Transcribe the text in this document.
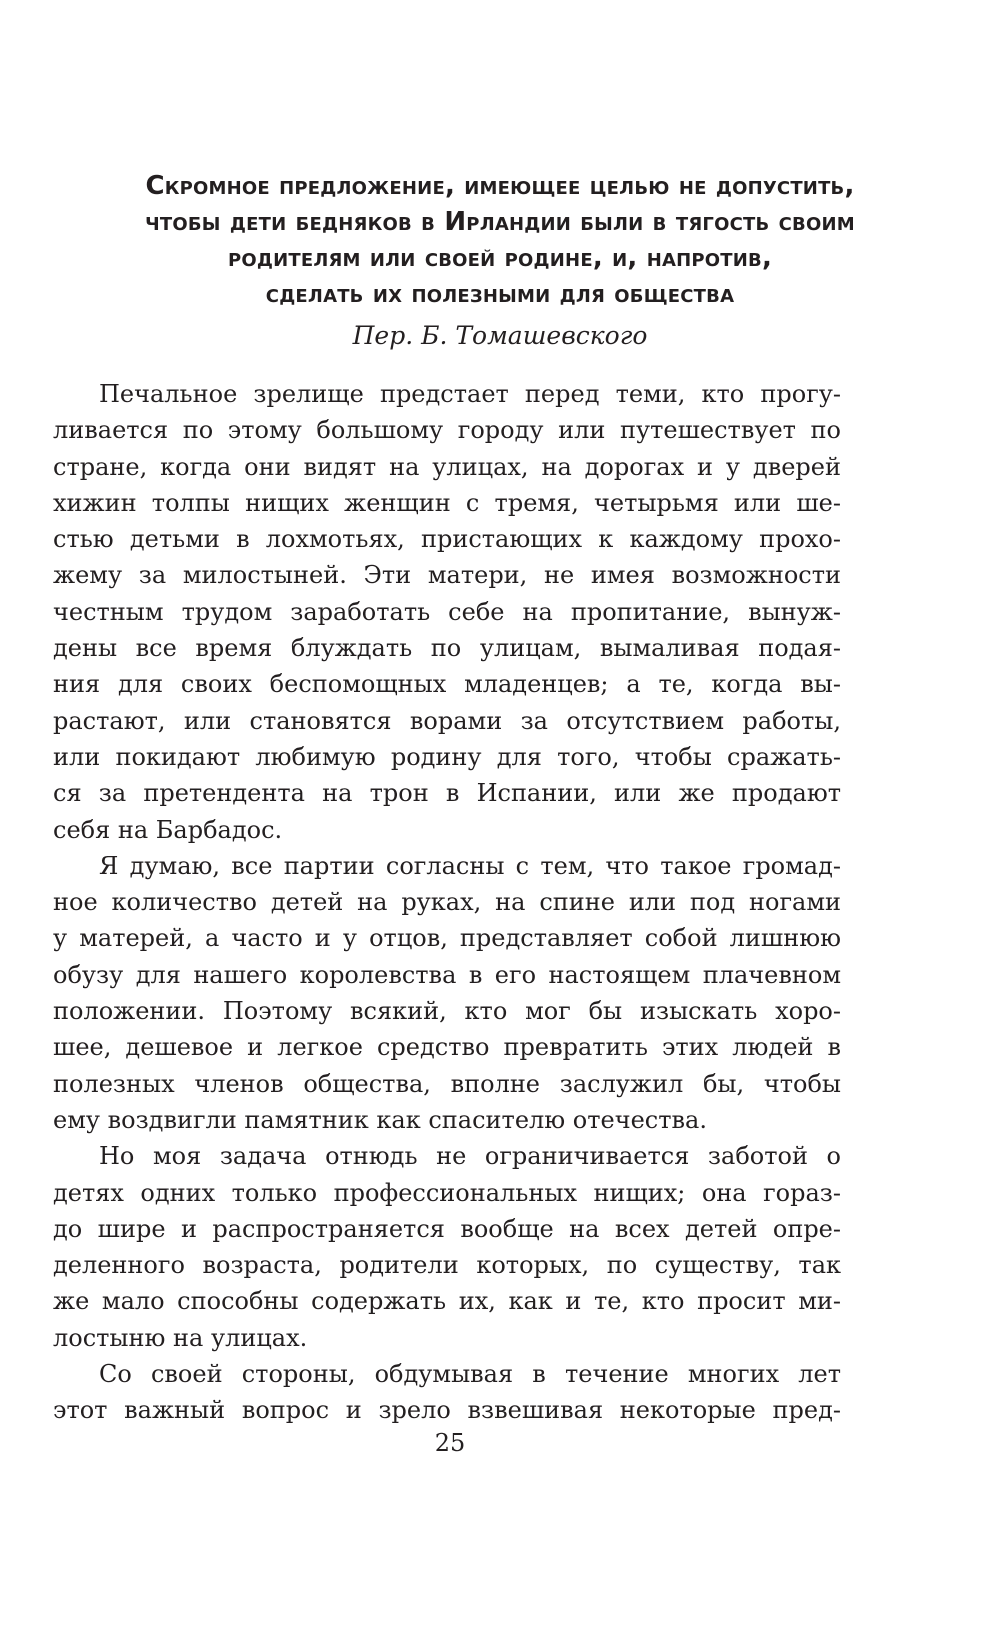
Скромное предложение, имеющее целью не допустить,
чтобы дети бедняков в Ирландии были в тягость своим
родителям или своей родине, и, напротив,
сделать их полезными для общества
Пер. Б. Томашевского
Печальное зрелище предстает перед теми, кто прогу-
ливается по этому большому городу или путешествует по
стране, когда они видят на улицах, на дорогах и у дверей
хижин толпы нищих женщин с тремя, четырьмя или ше-
стью детьми в лохмотьях, пристающих к каждому прохо-
жему за милостыней. Эти матери, не имея возможности
честным трудом заработать себе на пропитание, вынуж-
дены все время блуждать по улицам, вымаливая подая-
ния для своих беспомощных младенцев; а те, когда вы-
растают, или становятся ворами за отсутствием работы,
или покидают любимую родину для того, чтобы сражать-
ся за претендента на трон в Испании, или же продают
себя на Барбадос.
Я думаю, все партии согласны с тем, что такое громад-
ное количество детей на руках, на спине или под ногами
у матерей, а часто и у отцов, представляет собой лишнюю
обузу для нашего королевства в его настоящем плачевном
положении. Поэтому всякий, кто мог бы изыскать хоро-
шее, дешевое и легкое средство превратить этих людей в
полезных членов общества, вполне заслужил бы, чтобы
ему воздвигли памятник как спасителю отечества.
Но моя задача отнюдь не ограничивается заботой о
детях одних только профессиональных нищих; она гораз-
до шире и распространяется вообще на всех детей опре-
деленного возраста, родители которых, по существу, так
же мало способны содержать их, как и те, кто просит ми-
лостыню на улицах.
Со своей стороны, обдумывая в течение многих лет
этот важный вопрос и зрело взвешивая некоторые пред-
25
